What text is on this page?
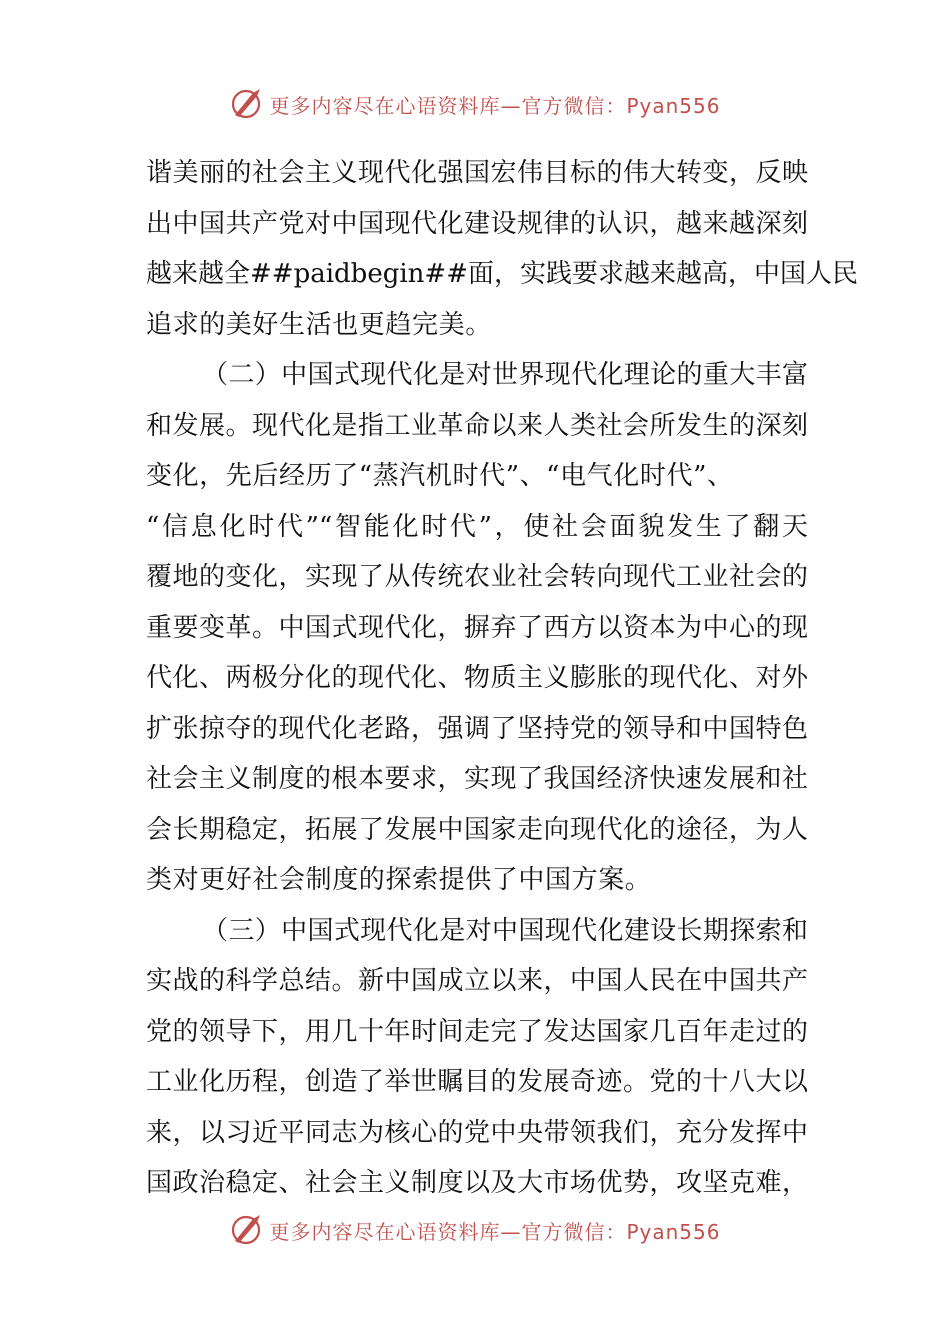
更多内容尽在心语资料库—官方微信：Pyan556
谐美丽的社会主义现代化强国宏伟目标的伟大转变，反映
出中国共产党对中国现代化建设规律的认识，越来越深刻
越来越全##paidbegin##面，实践要求越来越高，中国人民
追求的美好生活也更趋完美。
（二）中国式现代化是对世界现代化理论的重大丰富
和发展。现代化是指工业革命以来人类社会所发生的深刻
变化，先后经历了“蒸汽机时代”、“电气化时代”、
“信息化时代”“智能化时代”，使社会面貌发生了翻天
覆地的变化，实现了从传统农业社会转向现代工业社会的
重要变革。中国式现代化，摒弃了西方以资本为中心的现
代化、两极分化的现代化、物质主义膨胀的现代化、对外
扩张掠夺的现代化老路，强调了坚持党的领导和中国特色
社会主义制度的根本要求，实现了我国经济快速发展和社
会长期稳定，拓展了发展中国家走向现代化的途径，为人
类对更好社会制度的探索提供了中国方案。
（三）中国式现代化是对中国现代化建设长期探索和
实战的科学总结。新中国成立以来，中国人民在中国共产
党的领导下，用几十年时间走完了发达国家几百年走过的
工业化历程，创造了举世瞩目的发展奇迹。党的十八大以
来，以习近平同志为核心的党中央带领我们，充分发挥中
国政治稳定、社会主义制度以及大市场优势，攻坚克难，
更多内容尽在心语资料库—官方微信：Pyan556
